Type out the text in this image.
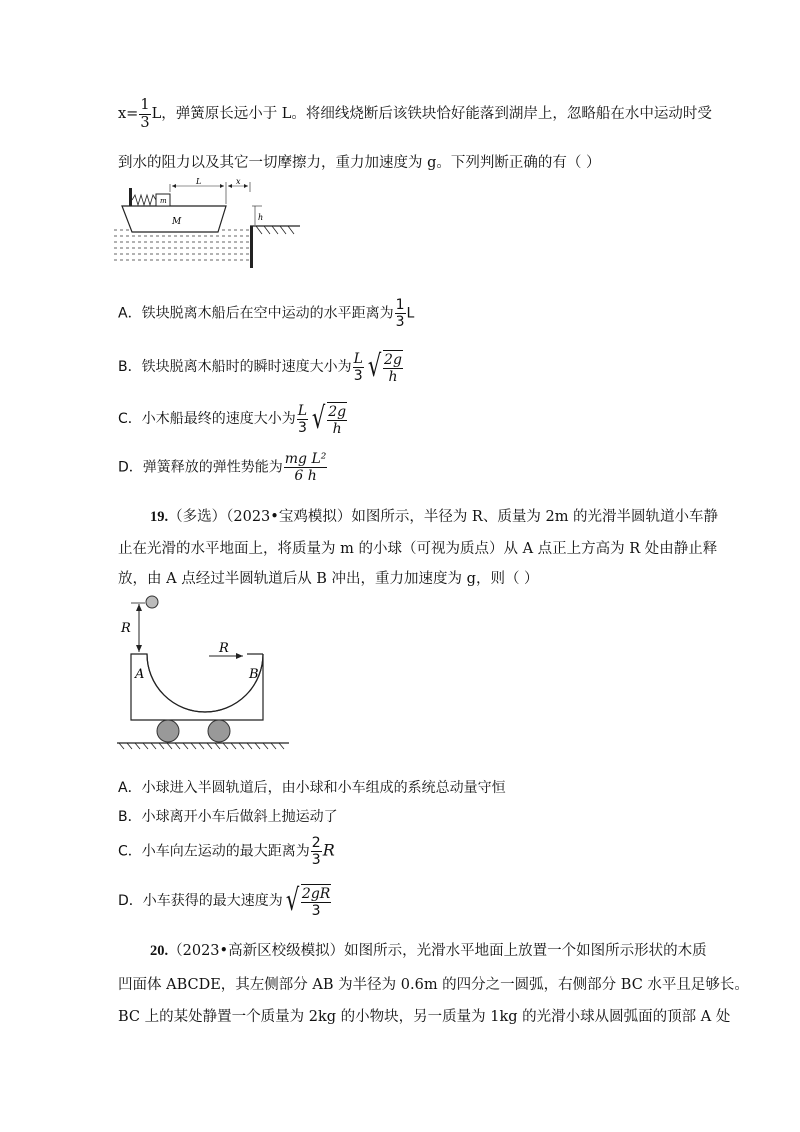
$x= \frac{1}{3}$ L，弹簧原长远小于 L。将细线烧断后该铁块恰好能落到湖岸上，忽略船在水中运动时受
到水的阻力以及其它一切摩擦力，重力加速度为 g。下列判断正确的有（ ）
M
m
L	x
h
A．铁块脱离木船后在空中运动的水平距离为 $\frac{1}{3}$ L
B．铁块脱离木船时的瞬时速度大小为 $\frac{L}{3}$ √ $\frac{2g}{h}$
C．小木船最终的速度大小为 $\frac{L}{3}$ √ $\frac{2g}{h}$
D．弹簧释放的弹性势能为 $\frac{\text{mg L²}}{6 h}$
19.（多选）（2023•宝鸡模拟）如图所示，半径为 R、质量为 2m 的光滑半圆轨道小车静
止在光滑的水平地面上，将质量为 m 的小球（可视为质点）从 A 点正上方高为 R 处由静止释
放，由 A 点经过半圆轨道后从 B 冲出，重力加速度为 g，则（ ）
R
A	B
R
A．小球进入半圆轨道后，由小球和小车组成的系统总动量守恒
B．小球离开小车后做斜上抛运动了
C．小车向左运动的最大距离为 $\frac{2}{3}$ R
D．小车获得的最大速度为 √ $\frac{2gR}{3}$
20.（2023•高新区校级模拟）如图所示，光滑水平地面上放置一个如图所示形状的木质
凹面体 ABCDE，其左侧部分 AB 为半径为 0.6m 的四分之一圆弧，右侧部分 BC 水平且足够长。
BC 上的某处静置一个质量为 2kg 的小物块，另一质量为 1kg 的光滑小球从圆弧面的顶部 A 处
